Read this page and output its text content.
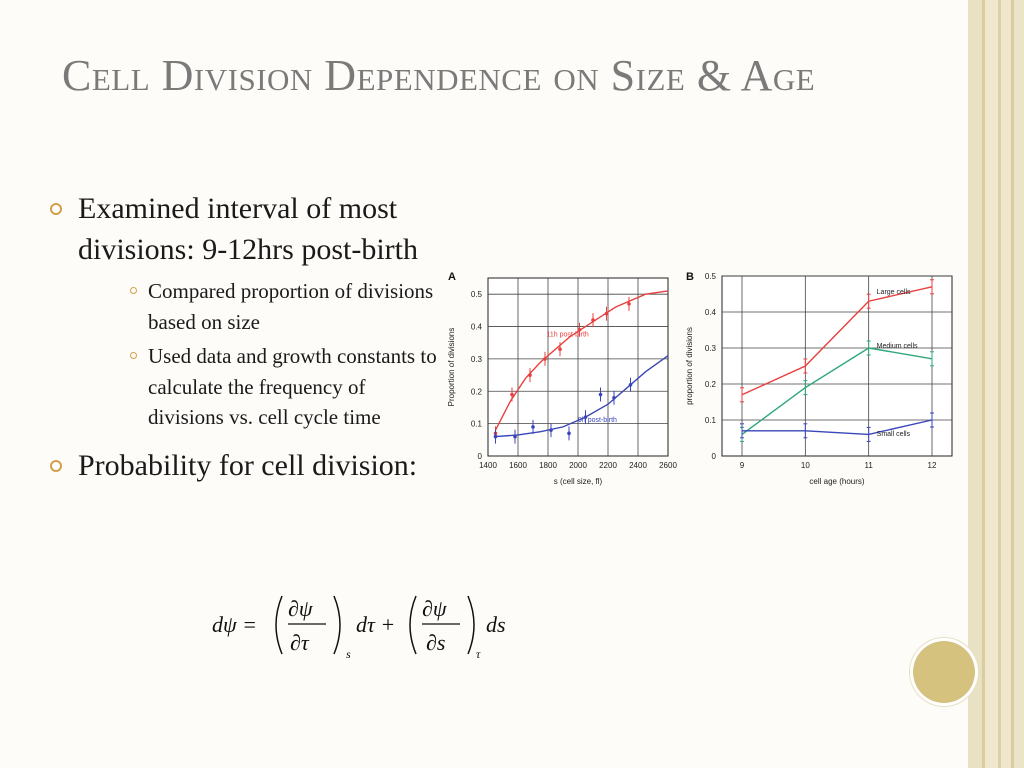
Cell Division Dependence on Size & Age
Examined interval of most divisions: 9-12hrs post-birth
Compared proportion of divisions based on size
Used data and growth constants to calculate the frequency of divisions vs. cell cycle time
Probability for cell division:
dψ =
∂ψ
∂τ	s
dτ +
∂ψ
∂s	τ
ds
A
1400 1600 1800 2000 2200 2400 2600
0
0.1
0.2
0.3
0.4
0.5
s (cell size, fl)
Proportion of divisions	11h post-birth
9h post-birth
B
9	10	11	12
0
0.1
0.2
0.3
0.4
0.5
cell age (hours)
proportion of divisions
Large cells
Medium cells
Small cells
